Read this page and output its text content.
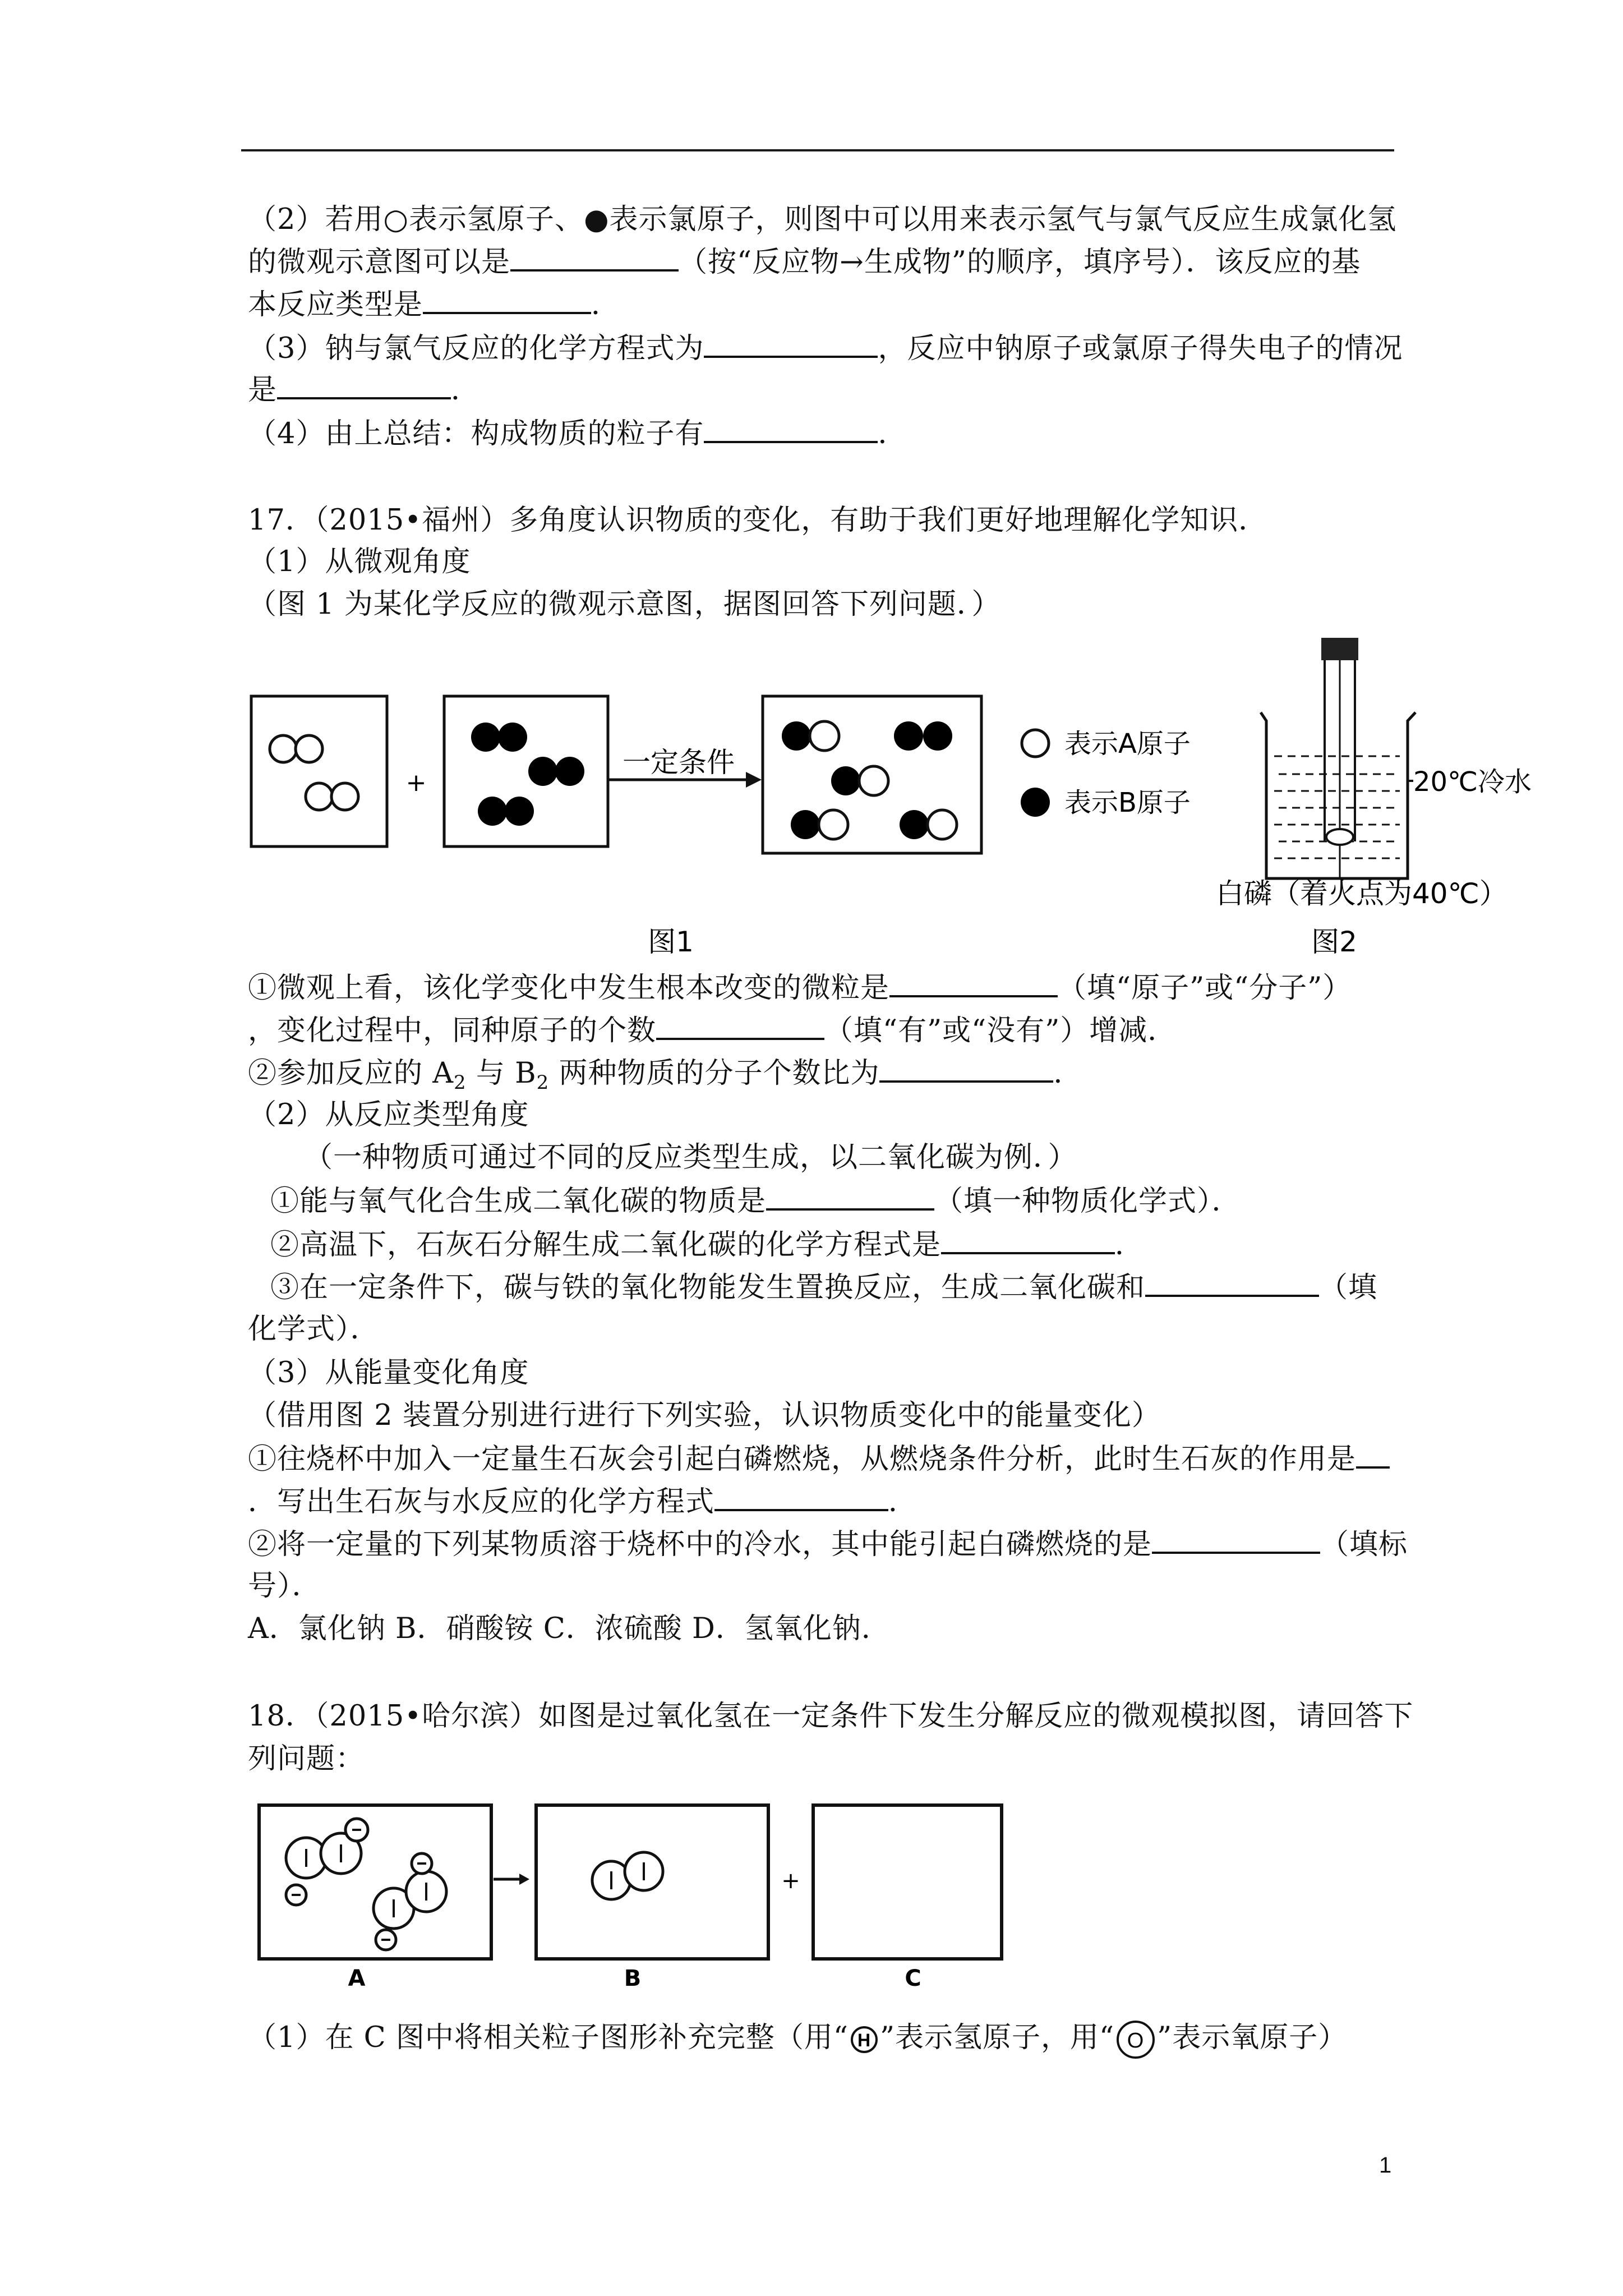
（2）若用○表示氢原子、●表示氯原子，则图中可以用来表示氢气与氯气反应生成氯化氢
的微观示意图可以是	（按“反应物→生成物”的顺序，填序号）．该反应的基
本反应类型是	．
（3）钠与氯气反应的化学方程式为	，反应中钠原子或氯原子得失电子的情况
是	．
（4）由上总结：构成物质的粒子有	．
17．（2015•福州）多角度认识物质的变化，有助于我们更好地理解化学知识．
（1）从微观角度
（图 1 为某化学反应的微观示意图，据图回答下列问题．）
+
一定条件
表示A原子
表示B原子
图1
20℃冷水
白磷（着火点为40℃）
图2
①微观上看，该化学变化中发生根本改变的微粒是	（填“原子”或“分子”）
，变化过程中，同种原子的个数	（填“有”或“没有”）增减．
②参加反应的 $A_2$ 与 $B_2$ 两种物质的分子个数比为	．
（2）从反应类型角度
（一种物质可通过不同的反应类型生成，以二氧化碳为例．）
①能与氧气化合生成二氧化碳的物质是	（填一种物质化学式）．
②高温下，石灰石分解生成二氧化碳的化学方程式是	．
③在一定条件下，碳与铁的氧化物能发生置换反应，生成二氧化碳和	（填
化学式）．
（3）从能量变化角度
（借用图 2 装置分别进行进行下列实验，认识物质变化中的能量变化）
①往烧杯中加入一定量生石灰会引起白磷燃烧，从燃烧条件分析，此时生石灰的作用是
．写出生石灰与水反应的化学方程式	．
②将一定量的下列某物质溶于烧杯中的冷水，其中能引起白磷燃烧的是	（填标
号）．
A．氯化钠 B．硝酸铵 C．浓硫酸 D．氢氧化钠．
18．（2015•哈尔滨）如图是过氧化氢在一定条件下发生分解反应的微观模拟图，请回答下
列问题：
+
A	B	C
（1）在 C 图中将相关粒子图形补充完整（用“ H ”表示氢原子，用“ O ”表示氧原子）
1
